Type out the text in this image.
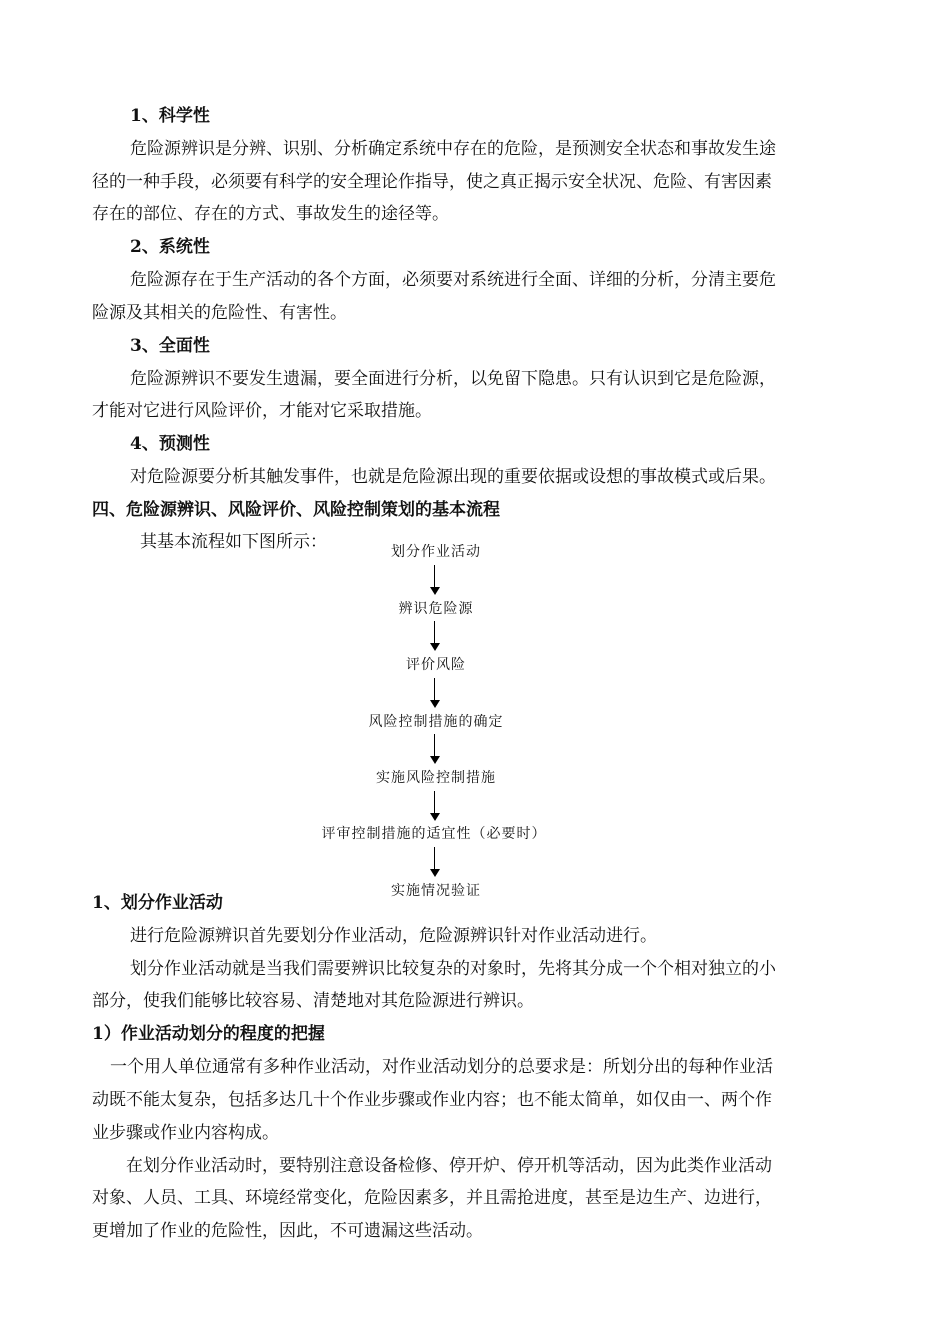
1、科学性
危险源辨识是分辨、识别、分析确定系统中存在的危险，是预测安全状态和事故发生途
径的一种手段，必须要有科学的安全理论作指导，使之真正揭示安全状况、危险、有害因素
存在的部位、存在的方式、事故发生的途径等。
2、系统性
危险源存在于生产活动的各个方面，必须要对系统进行全面、详细的分析，分清主要危
险源及其相关的危险性、有害性。
3、全面性
危险源辨识不要发生遗漏，要全面进行分析，以免留下隐患。只有认识到它是危险源，
才能对它进行风险评价，才能对它采取措施。
4、预测性
对危险源要分析其触发事件，也就是危险源出现的重要依据或设想的事故模式或后果。
四、危险源辨识、风险评价、风险控制策划的基本流程
其基本流程如下图所示：	划分作业活动
辨识危险源
评价风险
风险控制措施的确定
实施风险控制措施
评审控制措施的适宜性（必要时）
实施情况验证
1、划分作业活动
进行危险源辨识首先要划分作业活动，危险源辨识针对作业活动进行。
划分作业活动就是当我们需要辨识比较复杂的对象时，先将其分成一个个相对独立的小
部分，使我们能够比较容易、清楚地对其危险源进行辨识。
1）作业活动划分的程度的把握
一个用人单位通常有多种作业活动，对作业活动划分的总要求是：所划分出的每种作业活
动既不能太复杂，包括多达几十个作业步骤或作业内容；也不能太简单，如仅由一、两个作
业步骤或作业内容构成。
在划分作业活动时，要特别注意设备检修、停开炉、停开机等活动，因为此类作业活动
对象、人员、工具、环境经常变化，危险因素多，并且需抢进度，甚至是边生产、边进行，
更增加了作业的危险性，因此，不可遗漏这些活动。
